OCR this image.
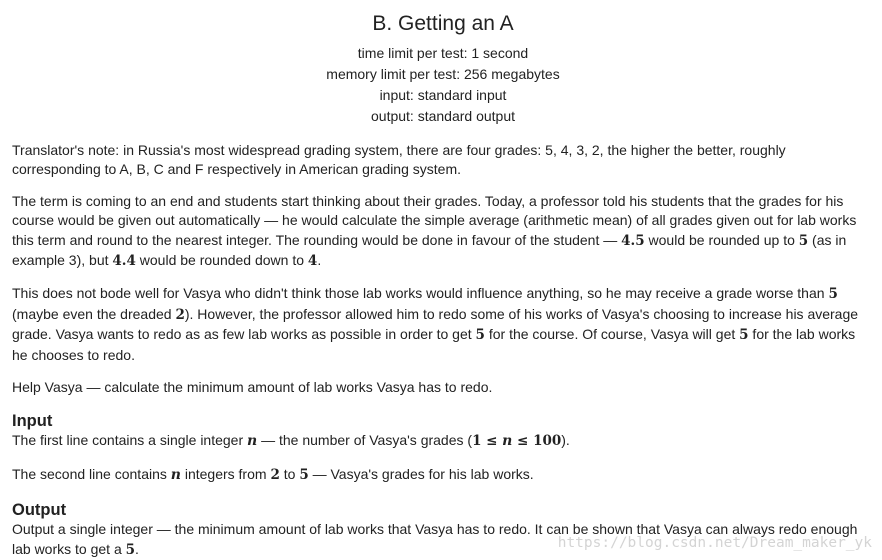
B. Getting an A
time limit per test: 1 second
memory limit per test: 256 megabytes
input: standard input
output: standard output

Translator's note: in Russia's most widespread grading system, there are four grades: 5, 4, 3, 2, the higher the better, roughly corresponding to A, B, C and F respectively in American grading system.

The term is coming to an end and students start thinking about their grades. Today, a professor told his students that the grades for his course would be given out automatically — he would calculate the simple average (arithmetic mean) of all grades given out for lab works this term and round to the nearest integer. The rounding would be done in favour of the student — 4.5 would be rounded up to 5 (as in example 3), but 4.4 would be rounded down to 4.

This does not bode well for Vasya who didn't think those lab works would influence anything, so he may receive a grade worse than 5 (maybe even the dreaded 2). However, the professor allowed him to redo some of his works of Vasya's choosing to increase his average grade. Vasya wants to redo as as few lab works as possible in order to get 5 for the course. Of course, Vasya will get 5 for the lab works he chooses to redo.

Help Vasya — calculate the minimum amount of lab works Vasya has to redo.

Input

The first line contains a single integer n — the number of Vasya's grades (1 ≤ n ≤ 100).

The second line contains n integers from 2 to 5 — Vasya's grades for his lab works.

Output

Output a single integer — the minimum amount of lab works that Vasya has to redo. It can be shown that Vasya can always redo enough lab works to get a 5.	https://blog.csdn.net/Dream_maker_yk
